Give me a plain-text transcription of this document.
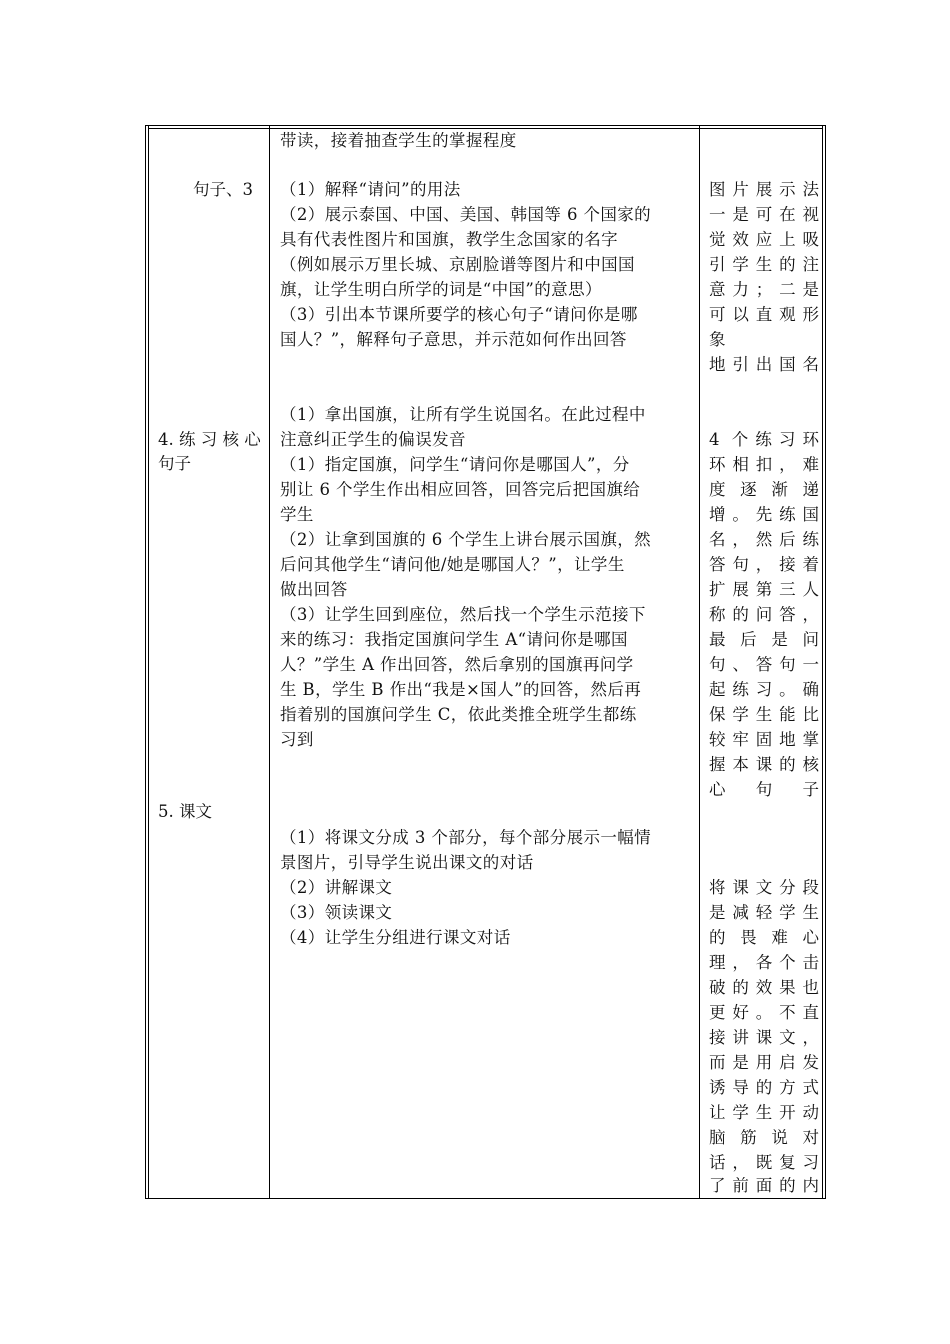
句子、3
4. 练 习 核 心
句子
5. 课文
带读，接着抽查学生的掌握程度
（1）解释“请问”的用法
（2）展示泰国、中国、美国、韩国等 6 个国家的
具有代表性图片和国旗，教学生念国家的名字
（例如展示万里长城、京剧脸谱等图片和中国国
旗，让学生明白所学的词是“中国”的意思）
（3）引出本节课所要学的核心句子“请问你是哪
国人？”，解释句子意思，并示范如何作出回答
（1）拿出国旗，让所有学生说国名。在此过程中
注意纠正学生的偏误发音
（1）指定国旗，问学生“请问你是哪国人”，分
别让 6 个学生作出相应回答，回答完后把国旗给
学生
（2）让拿到国旗的 6 个学生上讲台展示国旗，然
后问其他学生“请问他/她是哪国人？”，让学生
做出回答
（3）让学生回到座位，然后找一个学生示范接下
来的练习：我指定国旗问学生 A“请问你是哪国
人？”学生 A 作出回答，然后拿别的国旗再问学
生 B，学生 B 作出“我是×国人”的回答，然后再
指着别的国旗问学生 C，依此类推全班学生都练
习到
（1）将课文分成 3 个部分，每个部分展示一幅情
景图片，引导学生说出课文的对话
（2）讲解课文
（3）领读课文
（4）让学生分组进行课文对话
图片展示法
一是可在视
觉效应上吸
引学生的注
意力；二是
可以直观形
象
地引出国名
4 个练习环
环相扣，难
度逐渐递
增。先练国
名，然后练
答句，接着
扩展第三人
称的问答，
最后是问
句、答句一
起练习。确
保学生能比
较牢固地掌
握本课的核
心句子
将课文分段
是减轻学生
的畏难心
理，各个击
破的效果也
更好。不直
接讲课文，
而是用启发
诱导的方式
让学生开动
脑筋说对
话，既复习
了前面的内
